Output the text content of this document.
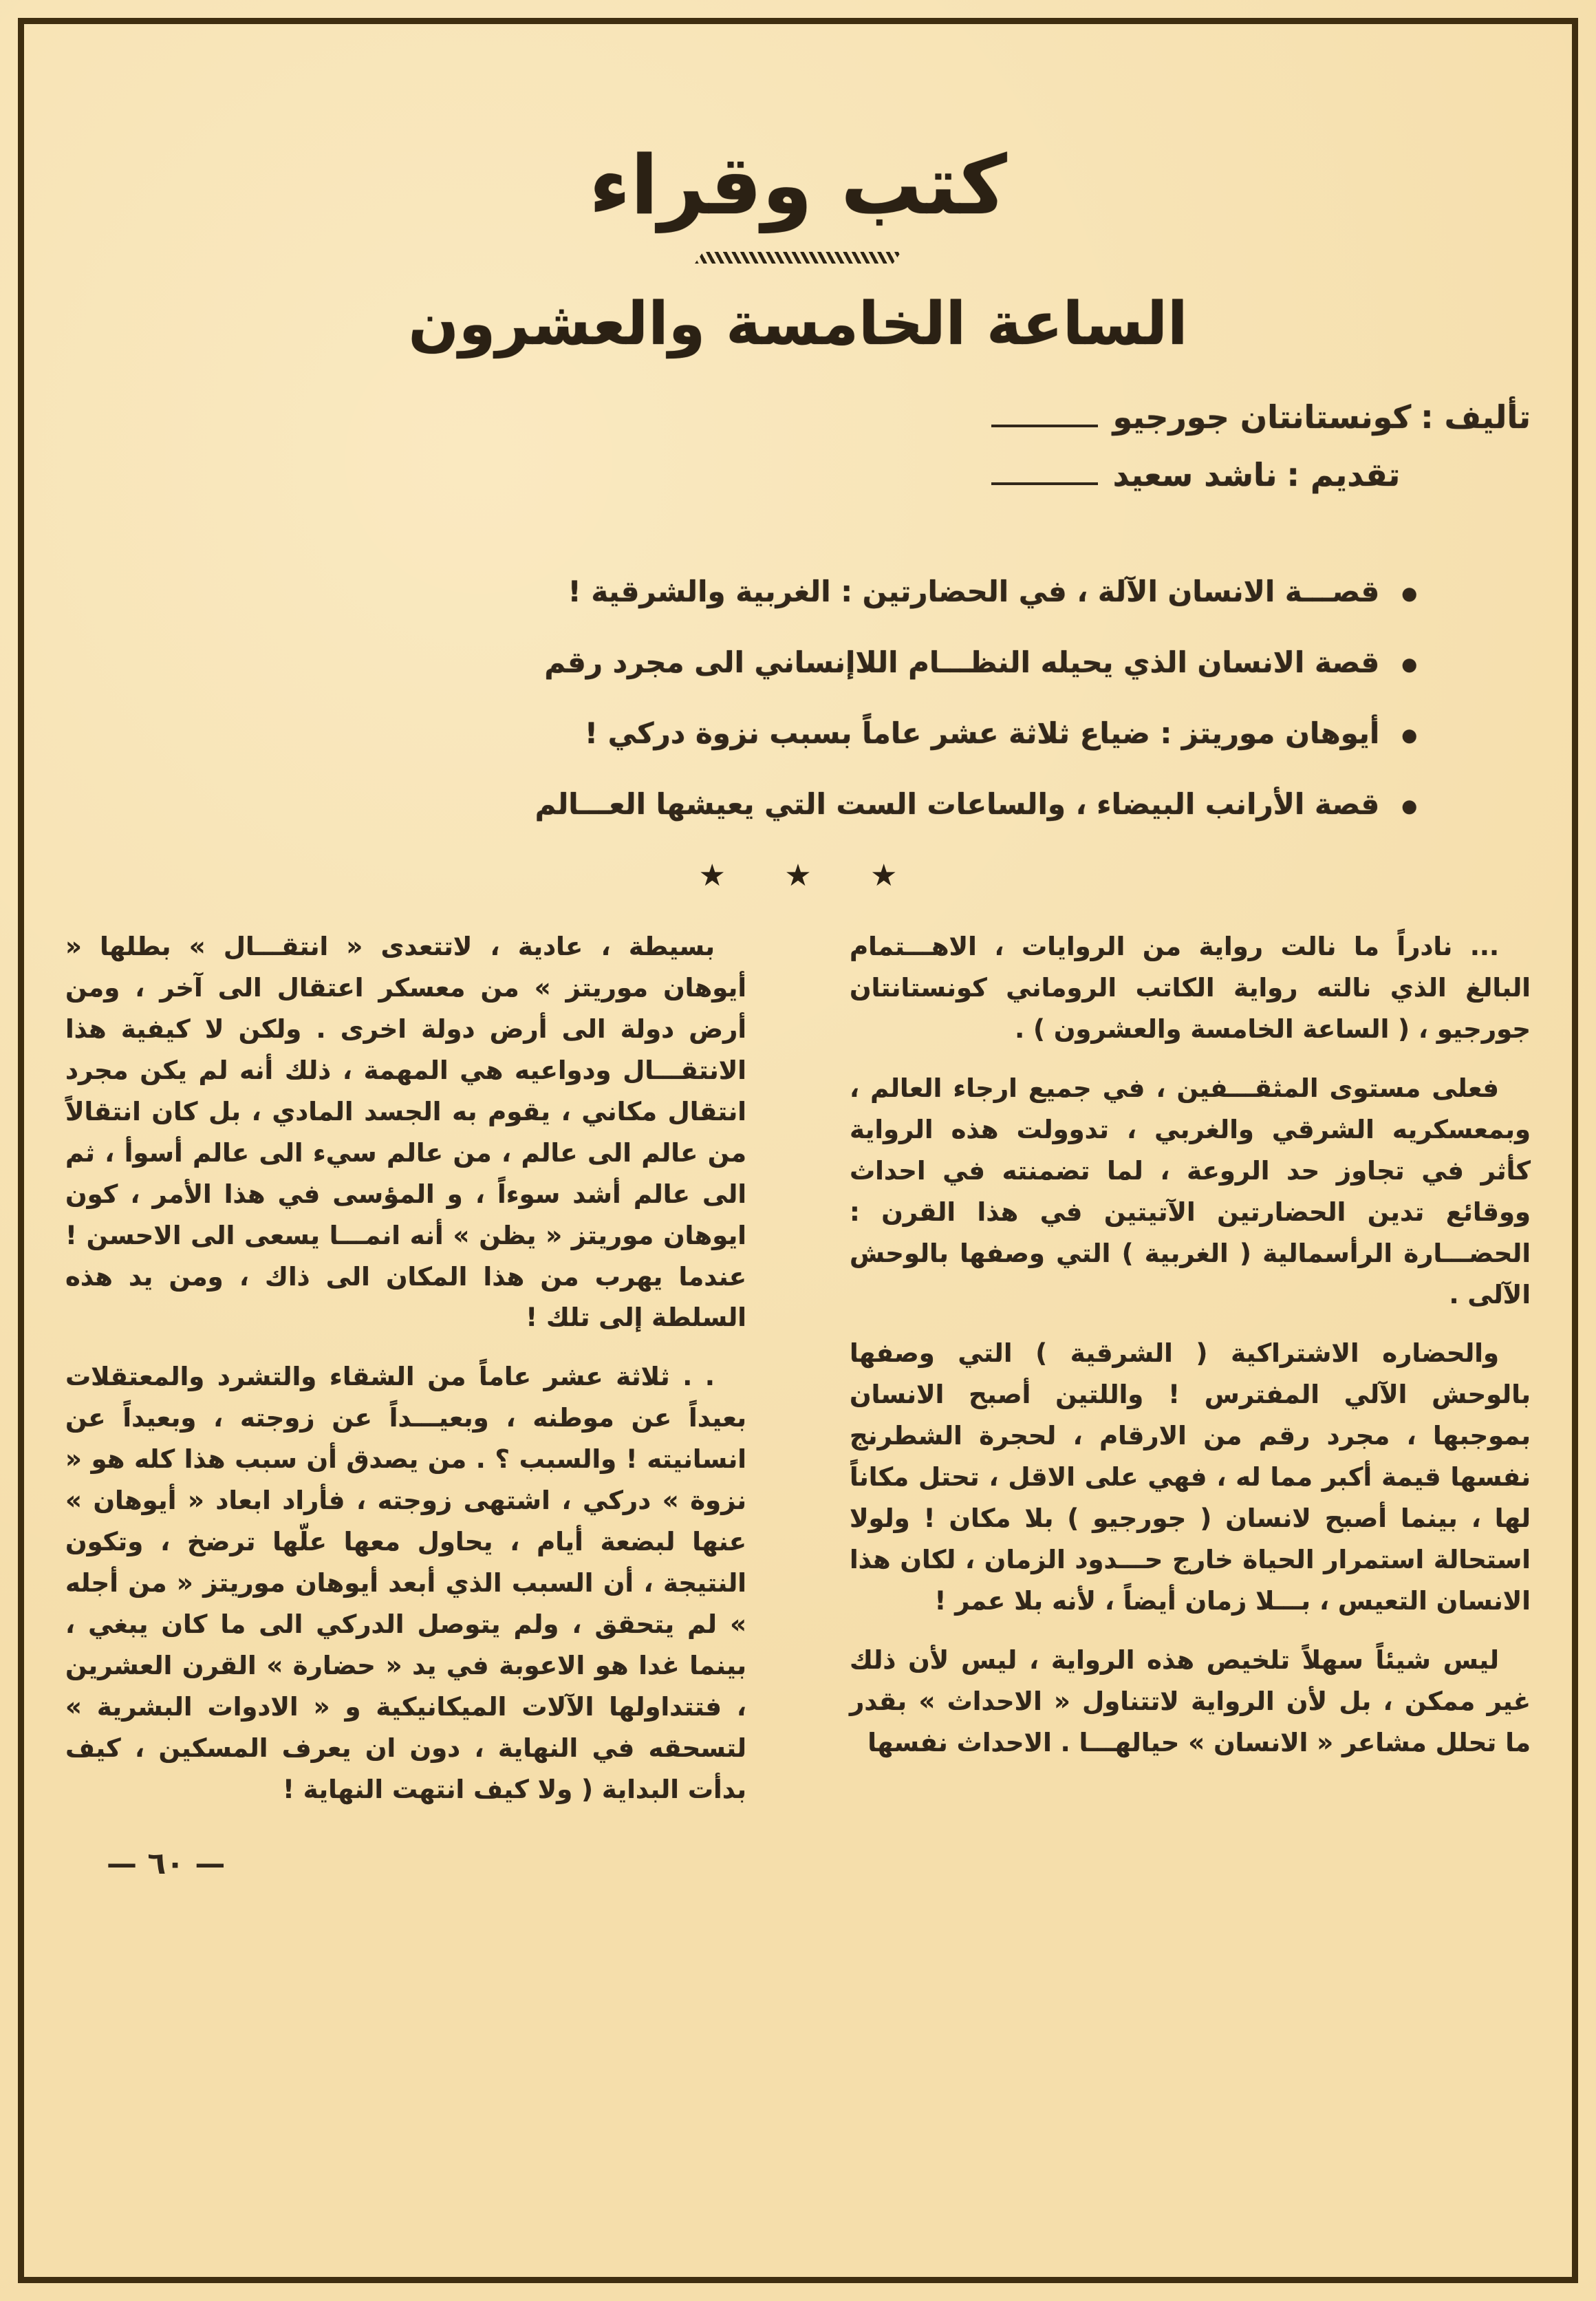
كتب وقراء
الساعة الخامسة والعشرون
تأليف :كونستانتان جورجيو
تقديم :ناشد سعيد
●
قصـــة الانسان الآلة ، في الحضارتين : الغربية والشرقية !
●
قصة الانسان الذي يحيله النظـــام اللاإنساني الى مجرد رقم
●
أيوهان موريتز : ضياع ثلاثة عشر عاماً بسبب نزوة دركي !
●
قصة الأرانب البيضاء ، والساعات الست التي يعيشها العـــالم
★ ★ ★

... نادراً ما نالت رواية من الروايات ، الاهـــتمام البالغ الذي نالته رواية الكاتب الروماني كونستانتان جورجيو ، ( الساعة الخامسة والعشرون ) .

فعلى مستوى المثقـــفين ، في جميع ارجاء العالم ، وبمعسكريه الشرقي والغربي ، تدوولت هذه الرواية كأثر في تجاوز حد الروعة ، لما تضمنته في احداث ووقائع تدين الحضارتين الآتيتين في هذا القرن : الحضـــارة الرأسمالية ( الغربية ) التي وصفها بالوحش الآلى .

والحضاره الاشتراكية ( الشرقية ) التي وصفها بالوحش الآلي المفترس ! واللتين أصبح الانسان بموجبها ، مجرد رقم من الارقام ، لحجرة الشطرنج نفسها قيمة أكبر مما له ، فهي على الاقل ، تحتل مكاناً لها ، بينما أصبح لانسان ( جورجيو ) بلا مكان ! ولولا استحالة استمرار الحياة خارج حـــدود الزمان ، لكان هذا الانسان التعيس ، بـــلا زمان أيضاً ، لأنه بلا عمر !

ليس شيئاً سهلاً تلخيص هذه الرواية ، ليس لأن ذلك غير ممكن ، بل لأن الرواية لاتتناول « الاحداث » بقدر ما تحلل مشاعر « الانسان » حيالهـــا . الاحداث نفسها

بسيطة ، عادية ، لاتتعدى « انتقـــال » بطلها « أيوهان موريتز » من معسكر اعتقال الى آخر ، ومن أرض دولة الى أرض دولة اخرى . ولكن لا كيفية هذا الانتقـــال ودواعيه هي المهمة ، ذلك أنه لم يكن مجرد انتقال مكاني ، يقوم به الجسد المادي ، بل كان انتقالاً من عالم الى عالم ، من عالم سيء الى عالم أسوأ ، ثم الى عالم أشد سوءاً ، و المؤسى في هذا الأمر ، كون ايوهان موريتز « يظن » أنه انمـــا يسعى الى الاحسن ! عندما يهرب من هذا المكان الى ذاك ، ومن يد هذه السلطة إلى تلك !

. . ثلاثة عشر عاماً من الشقاء والتشرد والمعتقلات بعيداً عن موطنه ، وبعيـــداً عن زوجته ، وبعيداً عن انسانيته ! والسبب ؟ . من يصدق أن سبب هذا كله هو « نزوة » دركي ، اشتهى زوجته ، فأراد ابعاد « أيوهان » عنها لبضعة أيام ، يحاول معها علّها ترضخ ، وتكون النتيجة ، أن السبب الذي أبعد أيوهان موريتز « من أجله » لم يتحقق ، ولم يتوصل الدركي الى ما كان يبغي ، بينما غدا هو الاعوبة في يد « حضارة » القرن العشرين ، فتتداولها الآلات الميكانيكية و « الادوات البشرية » لتسحقه في النهاية ، دون ان يعرف المسكين ، كيف بدأت البداية ( ولا كيف انتهت النهاية !

— ٦٠ —
